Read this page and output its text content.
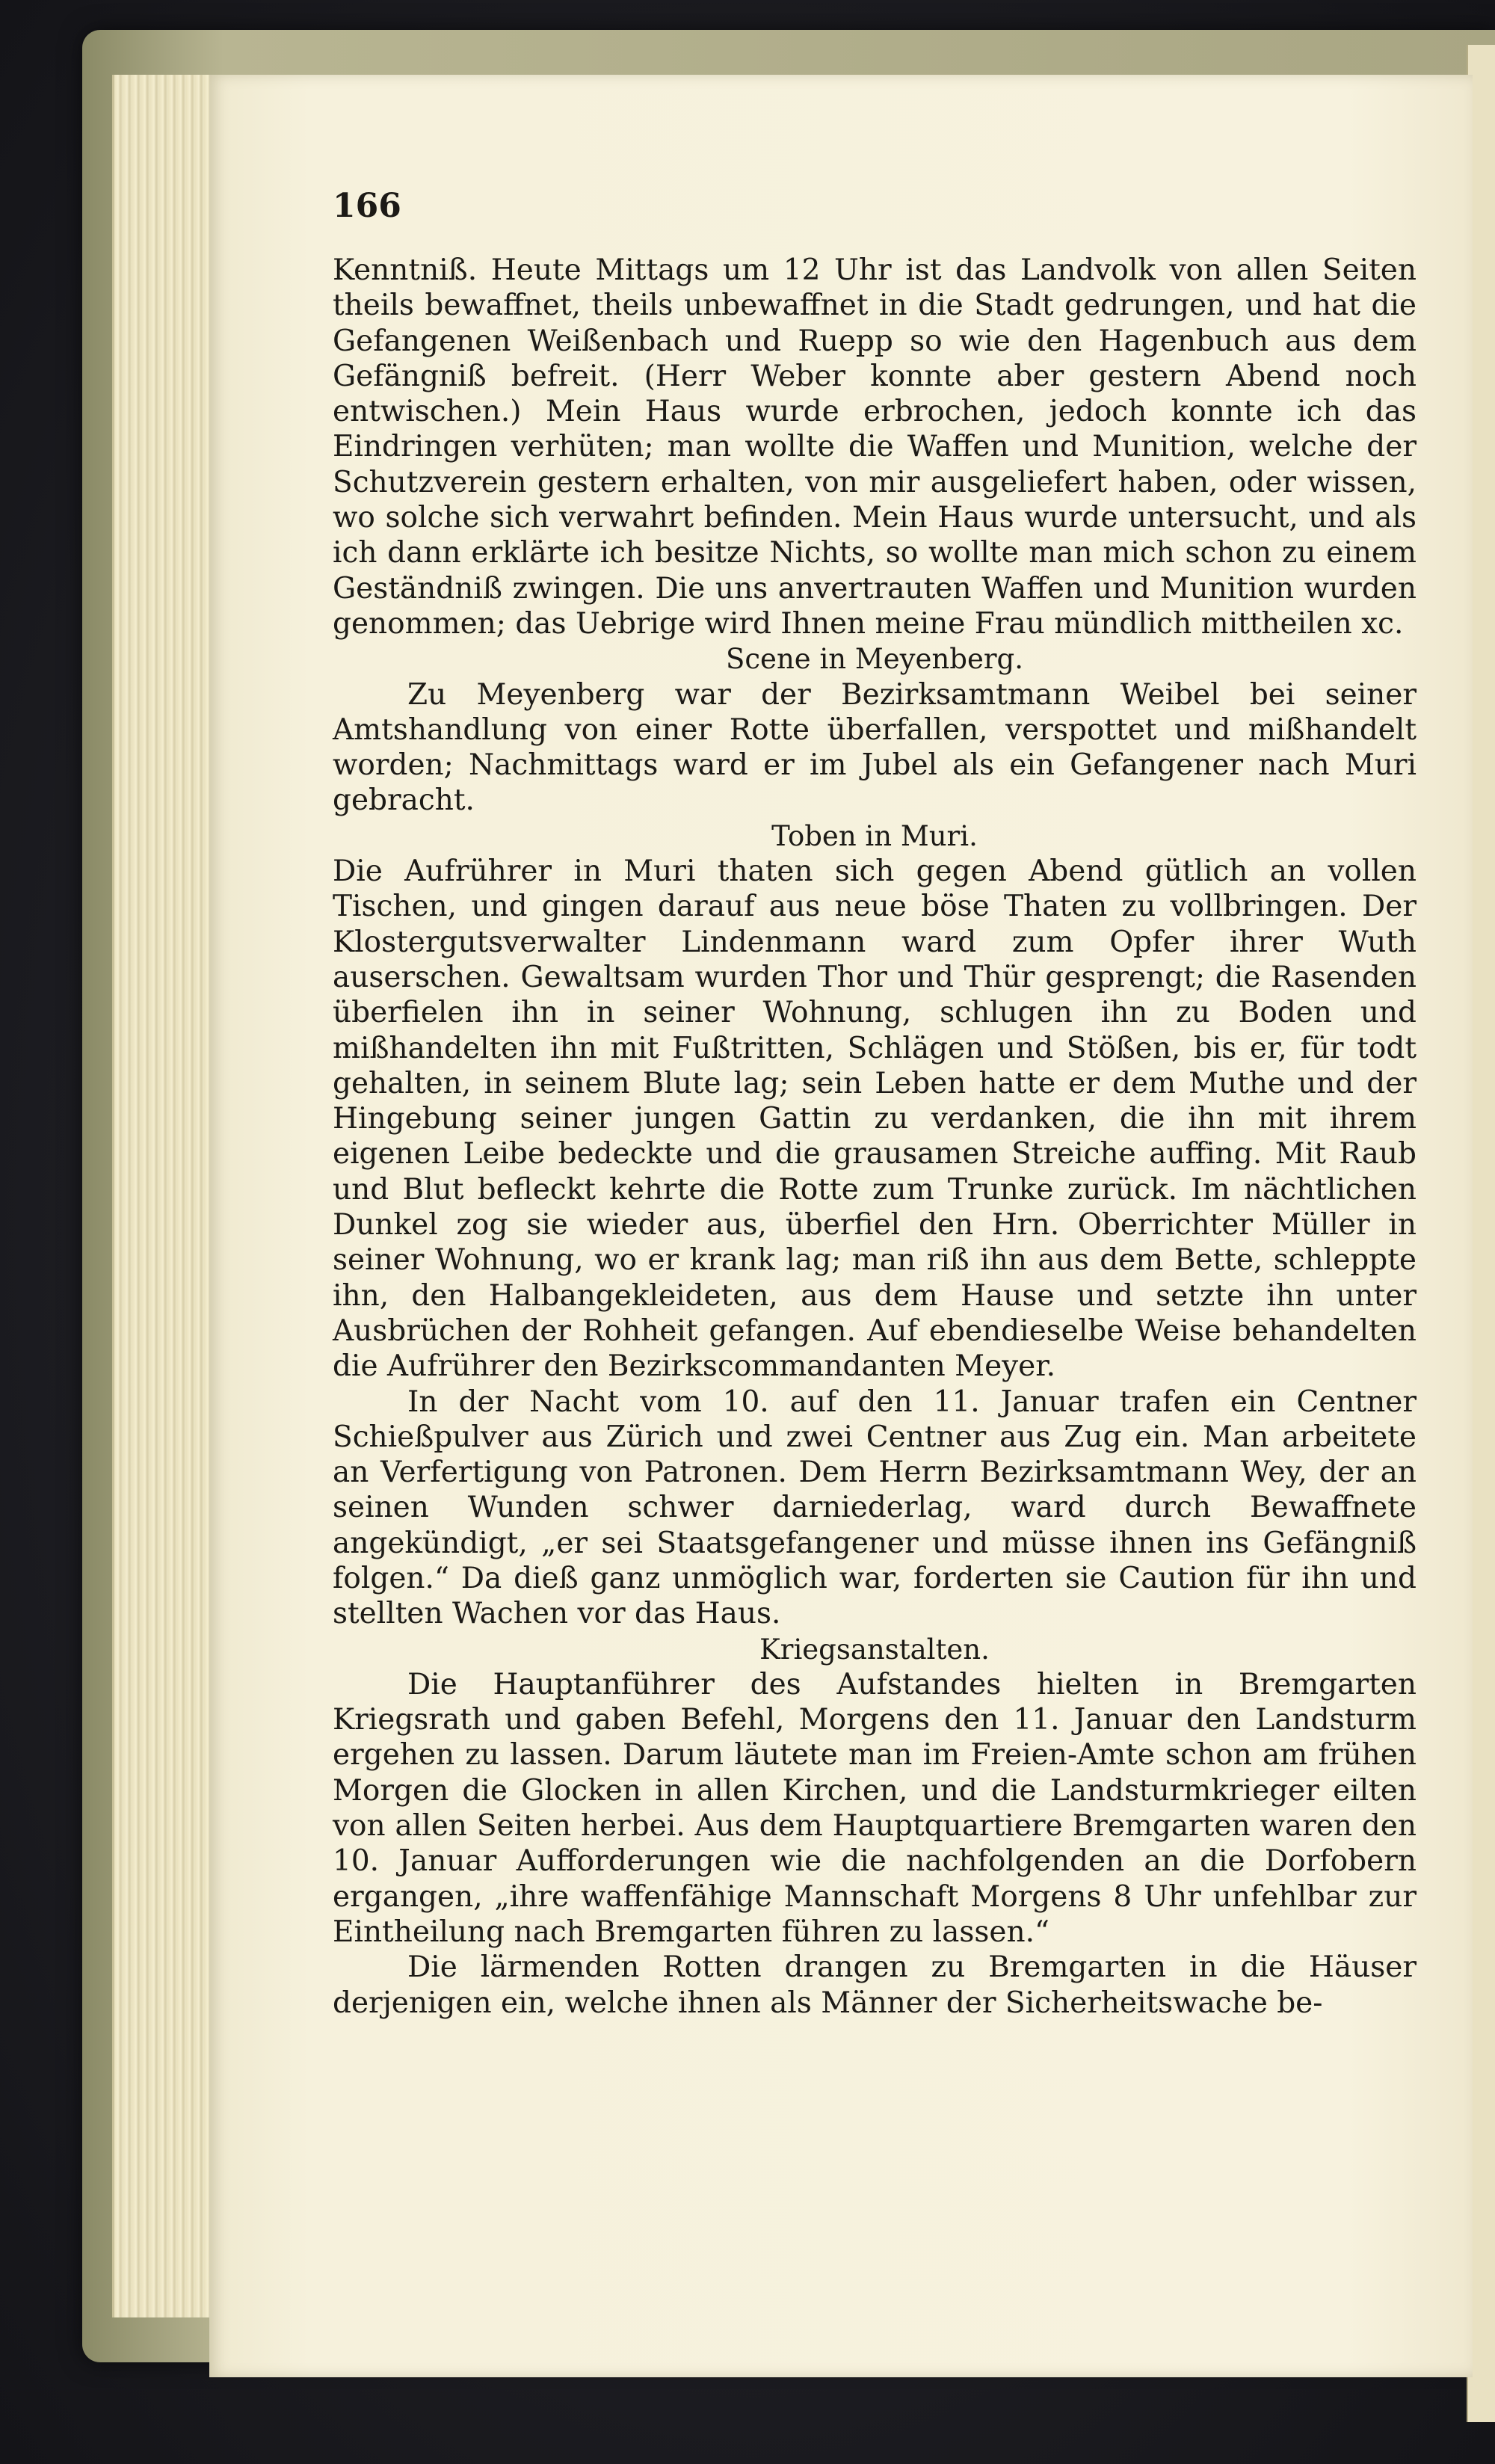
166

Kenntniß. Heute Mittags um 12 Uhr ist das Landvolk von allen Seiten theils bewaffnet, theils unbewaffnet in die Stadt gedrungen, und hat die Gefangenen Weißenbach und Ruepp so wie den Hagenbuch aus dem Gefängniß befreit. (Herr Weber konnte aber gestern Abend noch entwischen.) Mein Haus wurde erbrochen, jedoch konnte ich das Eindringen verhüten; man wollte die Waffen und Munition, welche der Schutzverein gestern erhalten, von mir ausgeliefert haben, oder wissen, wo solche sich verwahrt befinden. Mein Haus wurde untersucht, und als ich dann erklärte ich besitze Nichts, so wollte man mich schon zu einem Geständniß zwingen. Die uns anvertrauten Waffen und Munition wurden genommen; das Uebrige wird Ihnen meine Frau mündlich mittheilen xc.

Scene in Meyenberg.

Zu Meyenberg war der Bezirksamtmann Weibel bei seiner Amtshandlung von einer Rotte überfallen, verspottet und mißhandelt worden; Nachmittags ward er im Jubel als ein Gefangener nach Muri gebracht.

Toben in Muri.

Die Aufrührer in Muri thaten sich gegen Abend gütlich an vollen Tischen, und gingen darauf aus neue böse Thaten zu vollbringen. Der Klostergutsverwalter Lindenmann ward zum Opfer ihrer Wuth auserschen. Gewaltsam wurden Thor und Thür gesprengt; die Rasenden überfielen ihn in seiner Wohnung, schlugen ihn zu Boden und mißhandelten ihn mit Fußtritten, Schlägen und Stößen, bis er, für todt gehalten, in seinem Blute lag; sein Leben hatte er dem Muthe und der Hingebung seiner jungen Gattin zu verdanken, die ihn mit ihrem eigenen Leibe bedeckte und die grausamen Streiche auffing. Mit Raub und Blut befleckt kehrte die Rotte zum Trunke zurück. Im nächtlichen Dunkel zog sie wieder aus, überfiel den Hrn. Oberrichter Müller in seiner Wohnung, wo er krank lag; man riß ihn aus dem Bette, schleppte ihn, den Halbangekleideten, aus dem Hause und setzte ihn unter Ausbrüchen der Rohheit gefangen. Auf ebendieselbe Weise behandelten die Aufrührer den Bezirkscommandanten Meyer.

In der Nacht vom 10. auf den 11. Januar trafen ein Centner Schießpulver aus Zürich und zwei Centner aus Zug ein. Man arbeitete an Verfertigung von Patronen. Dem Herrn Bezirksamtmann Wey, der an seinen Wunden schwer darniederlag, ward durch Bewaffnete angekündigt, „er sei Staatsgefangener und müsse ihnen ins Gefängniß folgen.“ Da dieß ganz unmöglich war, forderten sie Caution für ihn und stellten Wachen vor das Haus.

Kriegsanstalten.

Die Hauptanführer des Aufstandes hielten in Bremgarten Kriegsrath und gaben Befehl, Morgens den 11. Januar den Landsturm ergehen zu lassen. Darum läutete man im Freien-Amte schon am frühen Morgen die Glocken in allen Kirchen, und die Landsturmkrieger eilten von allen Seiten herbei. Aus dem Hauptquartiere Bremgarten waren den 10. Januar Aufforderungen wie die nachfolgenden an die Dorfobern ergangen, „ihre waffenfähige Mannschaft Morgens 8 Uhr unfehlbar zur Eintheilung nach Bremgarten führen zu lassen.“

Die lärmenden Rotten drangen zu Bremgarten in die Häuser derjenigen ein, welche ihnen als Männer der Sicherheitswache be-
